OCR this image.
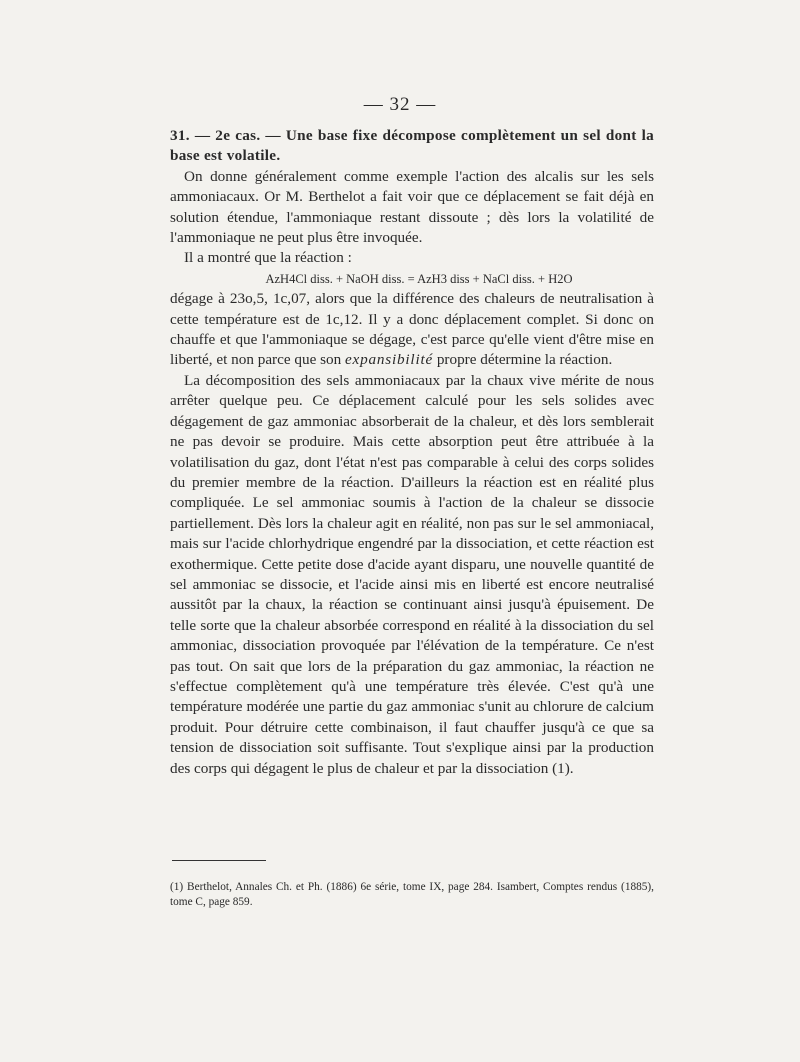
— 32 —

31. — 2e cas. — Une base fixe décompose complètement un sel dont la base est volatile.

On donne généralement comme exemple l'action des alcalis sur les sels ammoniacaux. Or M. Berthelot a fait voir que ce déplacement se fait déjà en solution étendue, l'ammoniaque restant dissoute ; dès lors la volatilité de l'ammoniaque ne peut plus être invoquée.

Il a montré que la réaction :

AzH4Cl diss. + NaOH diss. = AzH3 diss + NaCl diss. + H2O

dégage à 23o,5, 1c,07, alors que la différence des chaleurs de neutralisation à cette température est de 1c,12. Il y a donc déplacement complet. Si donc on chauffe et que l'ammoniaque se dégage, c'est parce qu'elle vient d'être mise en liberté, et non parce que son expansibilité propre détermine la réaction.

La décomposition des sels ammoniacaux par la chaux vive mérite de nous arrêter quelque peu. Ce déplacement calculé pour les sels solides avec dégagement de gaz ammoniac absorberait de la chaleur, et dès lors semblerait ne pas devoir se produire. Mais cette absorption peut être attribuée à la volatilisation du gaz, dont l'état n'est pas comparable à celui des corps solides du premier membre de la réaction. D'ailleurs la réaction est en réalité plus compliquée. Le sel ammoniac soumis à l'action de la chaleur se dissocie partiellement. Dès lors la chaleur agit en réalité, non pas sur le sel ammoniacal, mais sur l'acide chlorhydrique engendré par la dissociation, et cette réaction est exothermique. Cette petite dose d'acide ayant disparu, une nouvelle quantité de sel ammoniac se dissocie, et l'acide ainsi mis en liberté est encore neutralisé aussitôt par la chaux, la réaction se continuant ainsi jusqu'à épuisement. De telle sorte que la chaleur absorbée correspond en réalité à la dissociation du sel ammoniac, dissociation provoquée par l'élévation de la température. Ce n'est pas tout. On sait que lors de la préparation du gaz ammoniac, la réaction ne s'effectue complètement qu'à une température très élevée. C'est qu'à une température modérée une partie du gaz ammoniac s'unit au chlorure de calcium produit. Pour détruire cette combinaison, il faut chauffer jusqu'à ce que sa tension de dissociation soit suffisante. Tout s'explique ainsi par la production des corps qui dégagent le plus de chaleur et par la dissociation (1).

(1) Berthelot, Annales Ch. et Ph. (1886) 6e série, tome IX, page 284. Isambert, Comptes rendus (1885), tome C, page 859.
